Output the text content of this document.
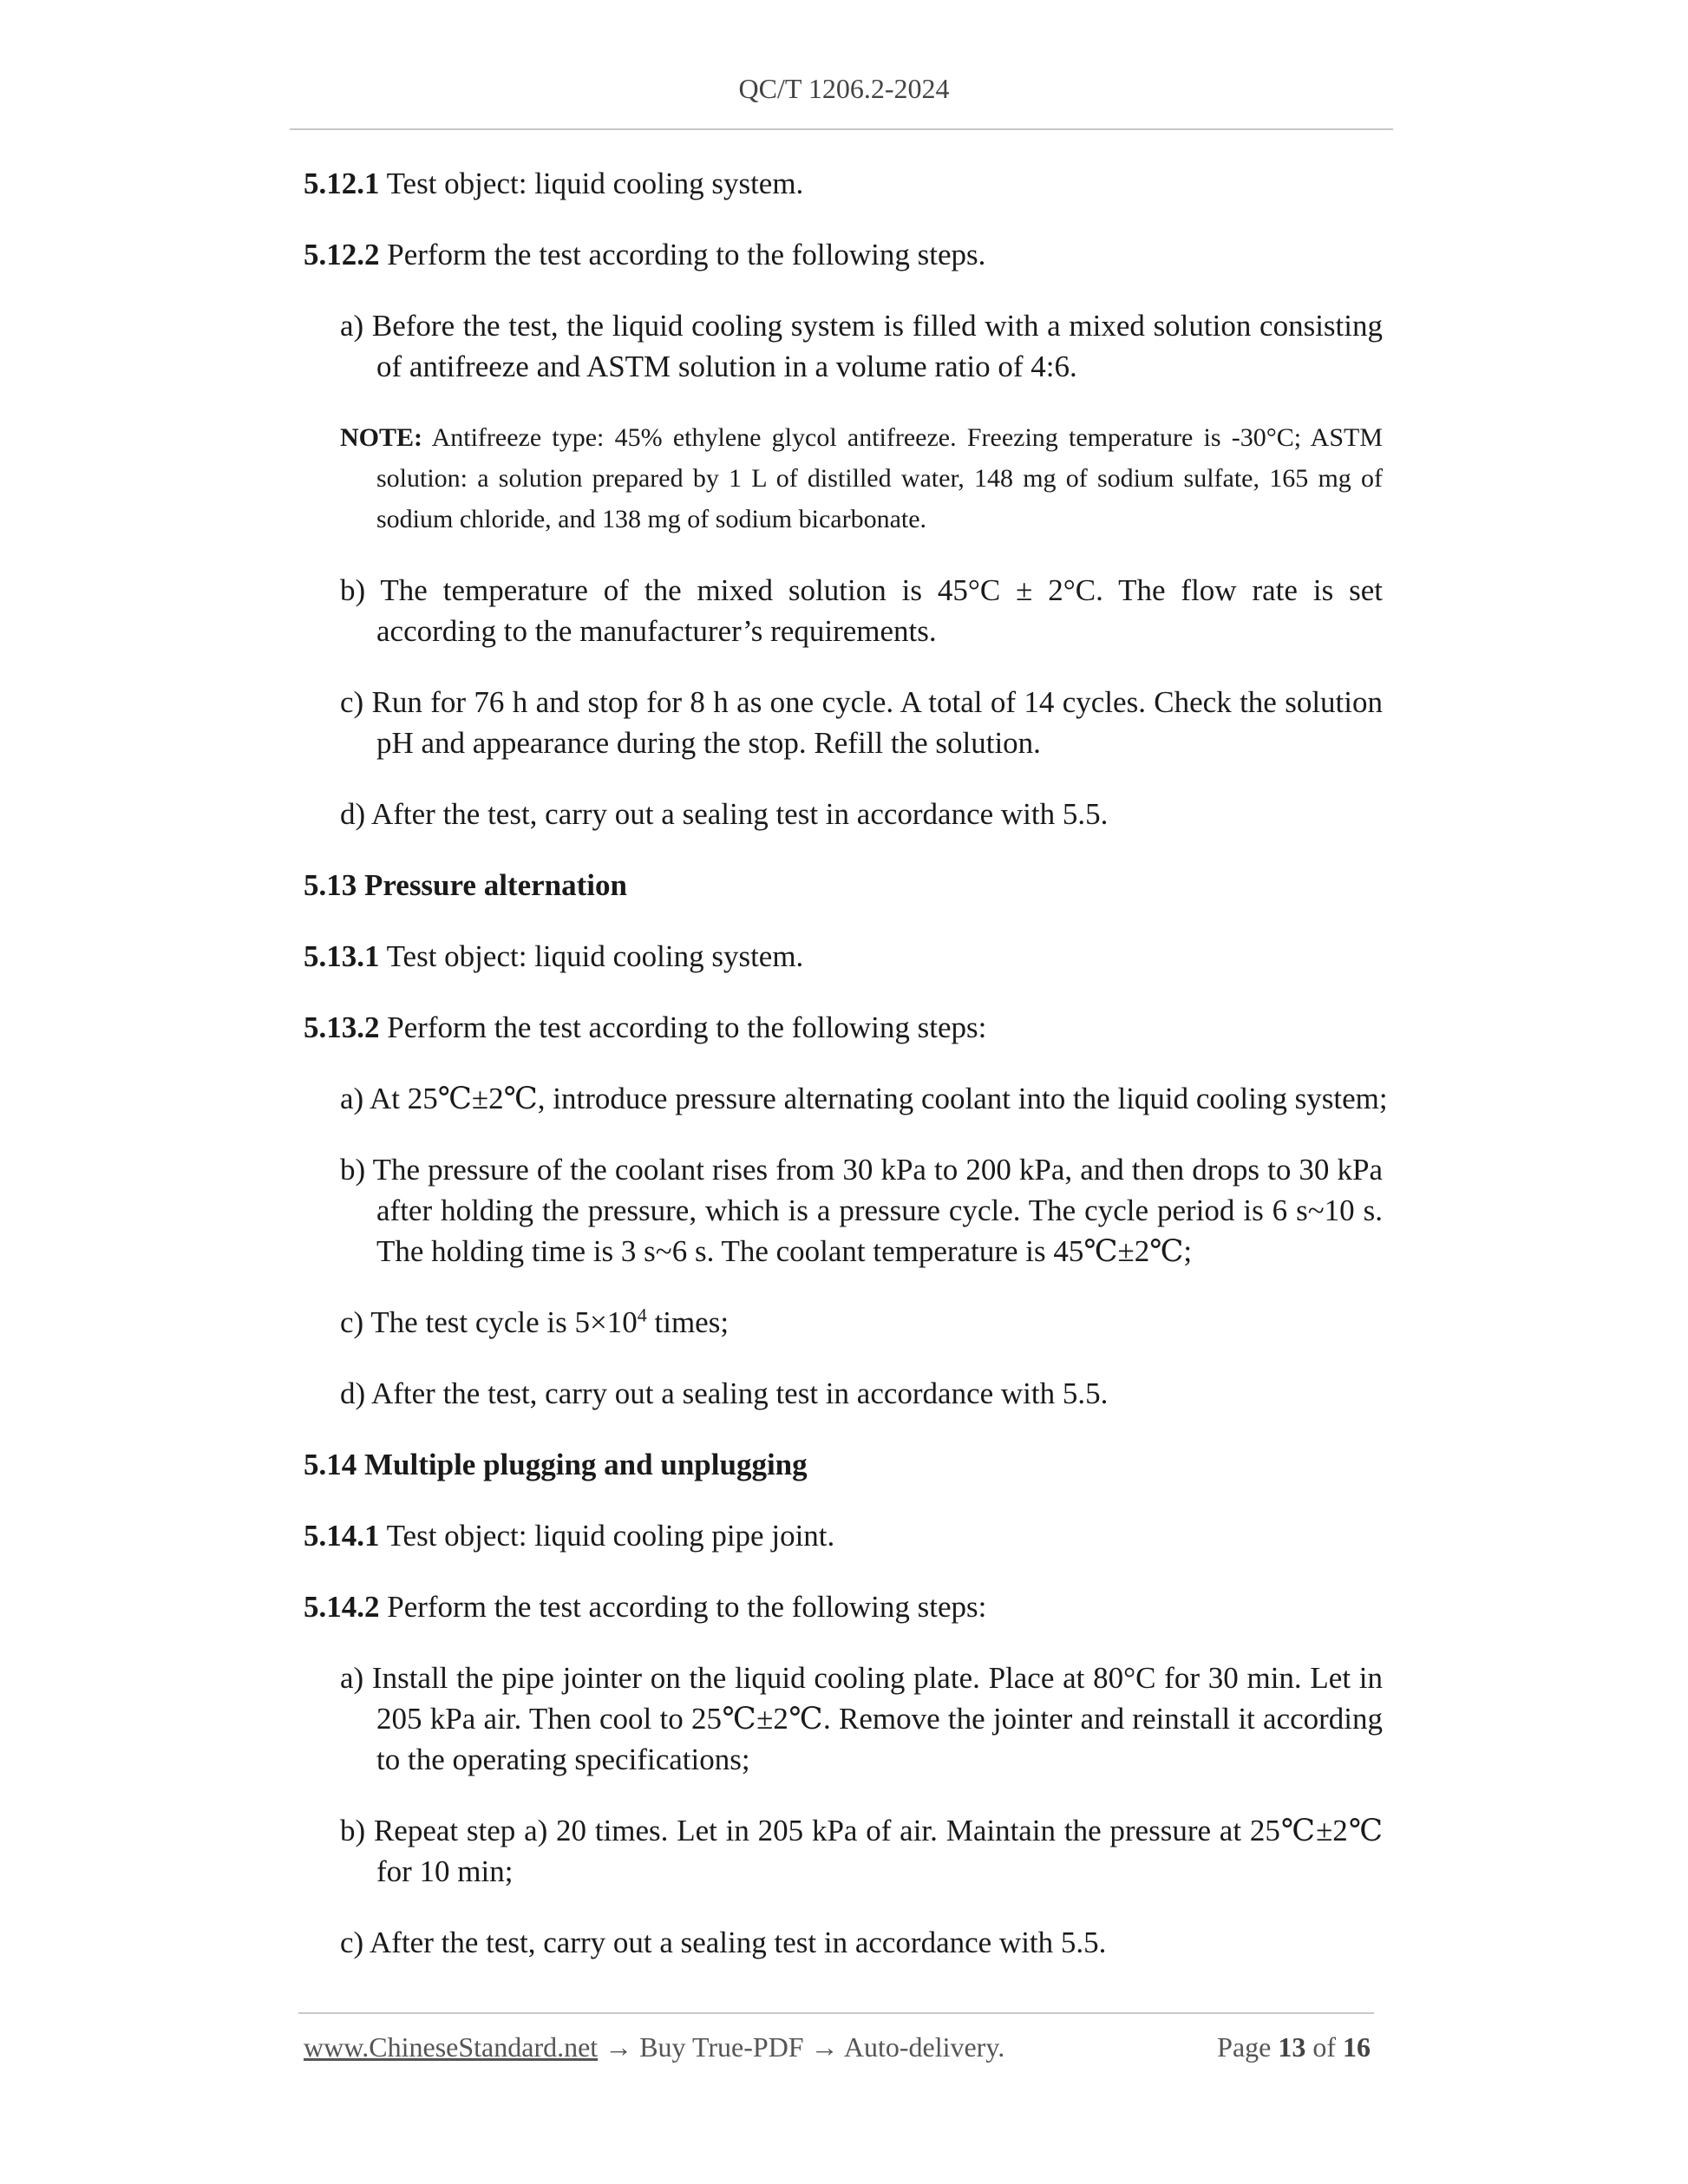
QC/T 1206.2-2024

5.12.1 Test object: liquid cooling system.

5.12.2 Perform the test according to the following steps.

a) Before the test, the liquid cooling system is filled with a mixed solution consisting of antifreeze and ASTM solution in a volume ratio of 4:6.

NOTE: Antifreeze type: 45% ethylene glycol antifreeze. Freezing temperature is -30°C; ASTM solution: a solution prepared by 1 L of distilled water, 148 mg of sodium sulfate, 165 mg of sodium chloride, and 138 mg of sodium bicarbonate.

b) The temperature of the mixed solution is 45°C ± 2°C. The flow rate is set according to the manufacturer’s requirements.

c) Run for 76 h and stop for 8 h as one cycle. A total of 14 cycles. Check the solution pH and appearance during the stop. Refill the solution.

d) After the test, carry out a sealing test in accordance with 5.5.

5.13 Pressure alternation

5.13.1 Test object: liquid cooling system.

5.13.2 Perform the test according to the following steps:

a) At 25℃±2℃, introduce pressure alternating coolant into the liquid cooling system;

b) The pressure of the coolant rises from 30 kPa to 200 kPa, and then drops to 30 kPa after holding the pressure, which is a pressure cycle. The cycle period is 6 s~10 s. The holding time is 3 s~6 s. The coolant temperature is 45℃±2℃;

c) The test cycle is $5\times 10^4$ times;

d) After the test, carry out a sealing test in accordance with 5.5.

5.14 Multiple plugging and unplugging

5.14.1 Test object: liquid cooling pipe joint.

5.14.2 Perform the test according to the following steps:

a) Install the pipe jointer on the liquid cooling plate. Place at 80°C for 30 min. Let in 205 kPa air. Then cool to 25℃±2℃. Remove the jointer and reinstall it according to the operating specifications;

b) Repeat step a) 20 times. Let in 205 kPa of air. Maintain the pressure at 25℃±2℃ for 10 min;

c) After the test, carry out a sealing test in accordance with 5.5.

www.ChineseStandard.net → Buy True-PDF → Auto-delivery.	Page 13 of 16
